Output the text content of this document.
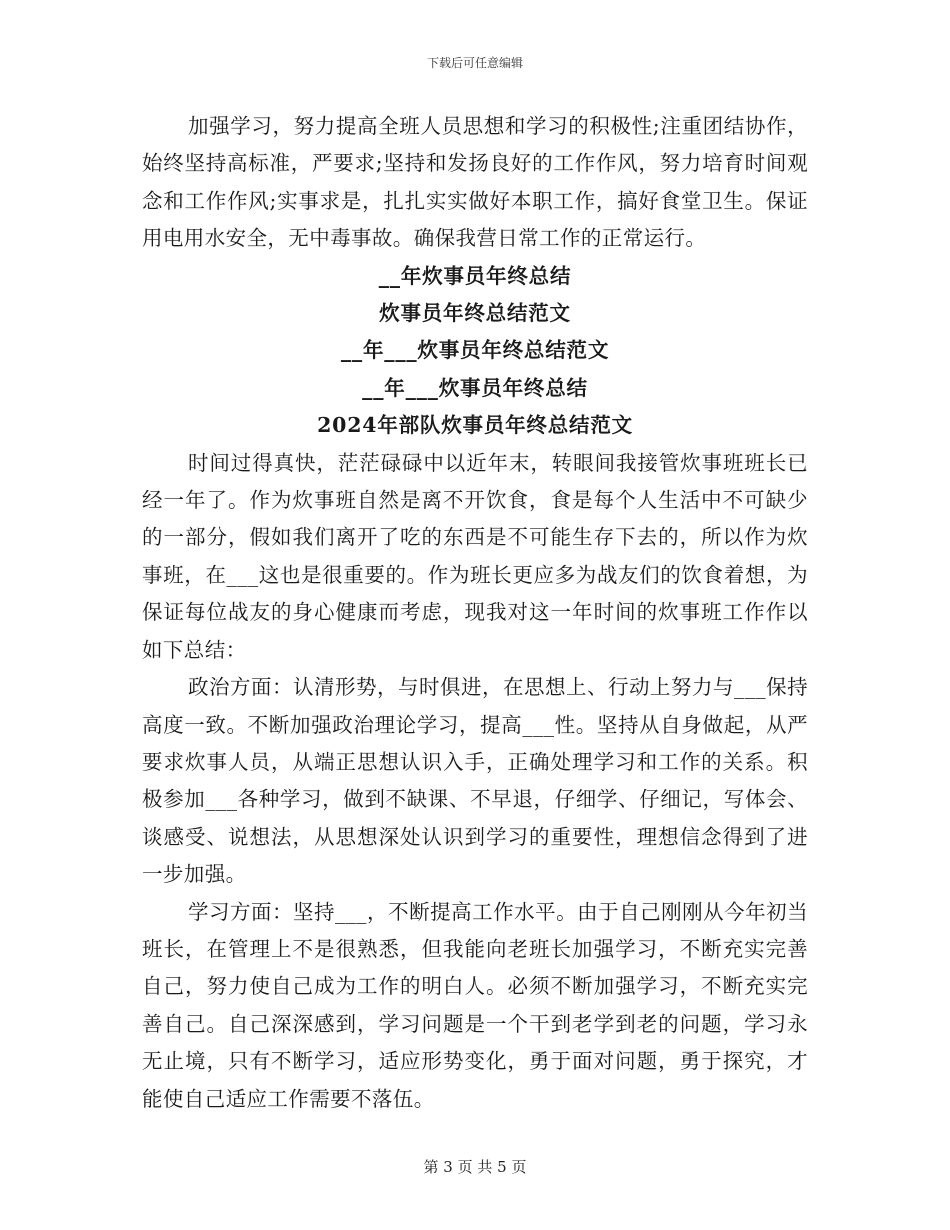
下载后可任意编辑

加强学习，努力提高全班人员思想和学习的积极性;注重团结协作，始终坚持高标准，严要求;坚持和发扬良好的工作作风，努力培育时间观念和工作作风;实事求是，扎扎实实做好本职工作，搞好食堂卫生。保证用电用水安全，无中毒事故。确保我营日常工作的正常运行。

__年炊事员年终总结

炊事员年终总结范文

__年___炊事员年终总结范文

__年___炊事员年终总结

2024年部队炊事员年终总结范文

时间过得真快，茫茫碌碌中以近年末，转眼间我接管炊事班班长已经一年了。作为炊事班自然是离不开饮食，食是每个人生活中不可缺少的一部分，假如我们离开了吃的东西是不可能生存下去的，所以作为炊事班，在___这也是很重要的。作为班长更应多为战友们的饮食着想，为保证每位战友的身心健康而考虑，现我对这一年时间的炊事班工作作以如下总结：

政治方面：认清形势，与时俱进，在思想上、行动上努力与___保持高度一致。不断加强政治理论学习，提高___性。坚持从自身做起，从严要求炊事人员，从端正思想认识入手，正确处理学习和工作的关系。积极参加___各种学习，做到不缺课、不早退，仔细学、仔细记，写体会、谈感受、说想法，从思想深处认识到学习的重要性，理想信念得到了进一步加强。

学习方面：坚持___，不断提高工作水平。由于自己刚刚从今年初当班长，在管理上不是很熟悉，但我能向老班长加强学习，不断充实完善自己，努力使自己成为工作的明白人。必须不断加强学习，不断充实完善自己。自己深深感到，学习问题是一个干到老学到老的问题，学习永无止境，只有不断学习，适应形势变化，勇于面对问题，勇于探究，才能使自己适应工作需要不落伍。

第 3 页 共 5 页
